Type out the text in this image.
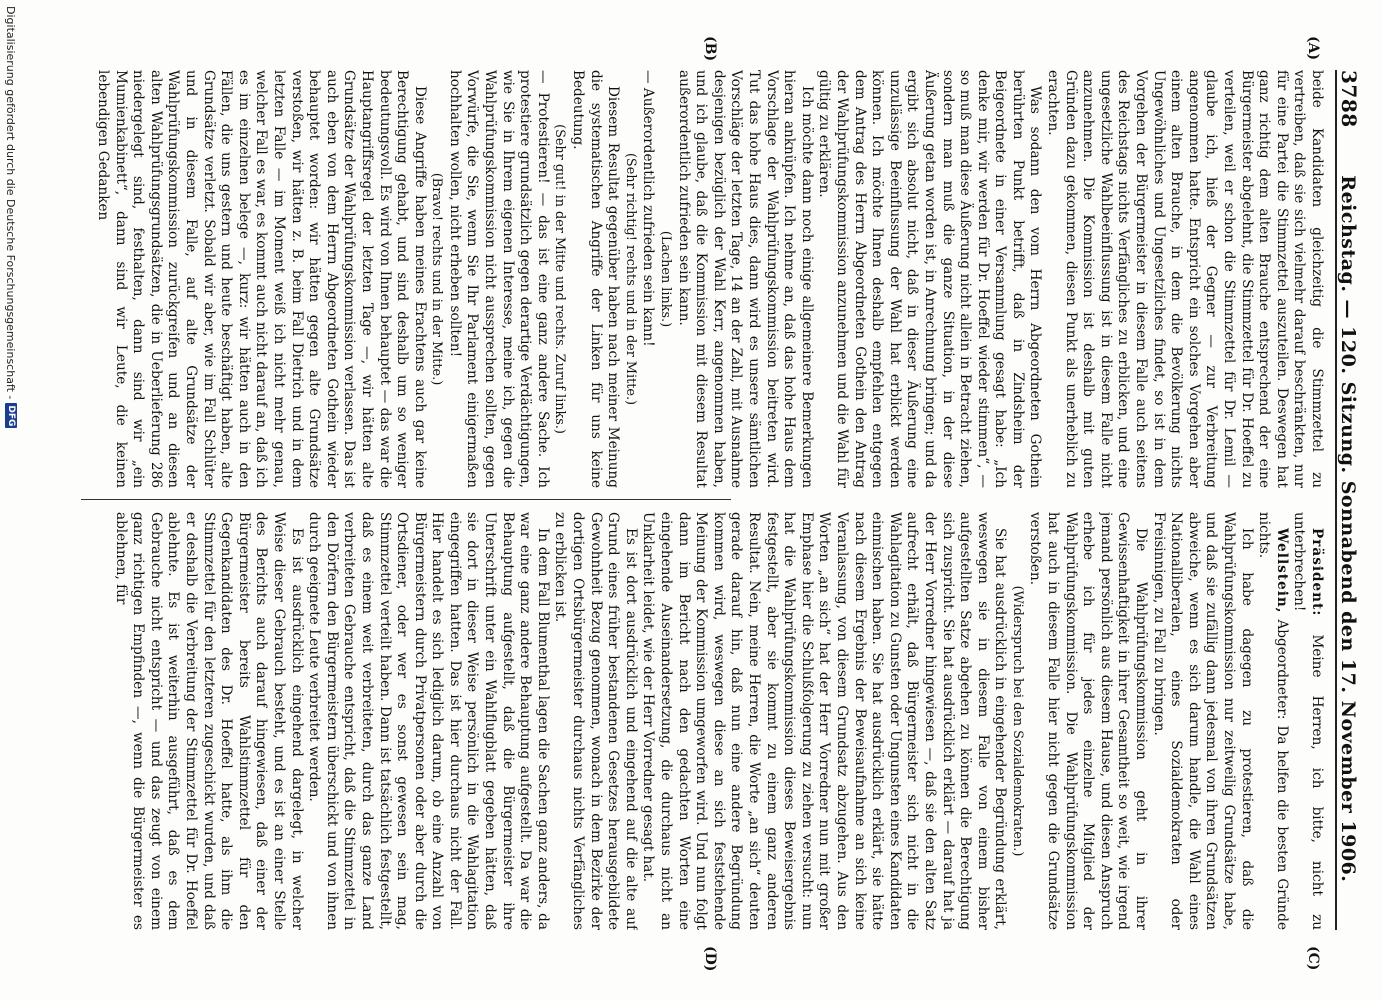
3788
Reichstag. — 120. Sitzung. Sonnabend den 17. November 1906.
(A)
(B)
(C)
(D)

beide Kandidaten gleichzeitig die Stimmzettel zu vertreiben, daß sie sich vielmehr darauf beschränkten, nur für eine Partei die Stimmzettel auszuteilen. Deswegen hat ganz richtig dem alten Brauche entsprechend der eine Bürgermeister abgelehnt, die Stimmzettel für Dr. Hoeffel zu verteilen, weil er schon die Stimmzettel für Dr. Lemil — glaube ich, hieß der Gegner — zur Verbreitung angenommen hatte. Entspricht ein solches Vorgehen aber einem alten Brauche, in dem die Bevölkerung nichts Ungewöhnliches und Ungesetzliches findet, so ist in dem Vorgehen der Bürgermeister in diesem Falle auch seitens des Reichstags nichts Verfängliches zu erblicken, und eine ungesetzliche Wahlbeeinflussung ist in diesem Falle nicht anzunehmen. Die Kommission ist deshalb mit guten Gründen dazu gekommen, diesen Punkt als unerheblich zu erachten.

Was sodann den vom Herrn Abgeordneten Gothein berührten Punkt betrifft, daß in Zindsheim der Beigeordnete in einer Versammlung gesagt habe: „Ich denke mir, wir werden für Dr. Hoeffel wieder stimmen“, — so muß man diese Äußerung nicht allein in Betracht ziehen, sondern man muß die ganze Situation, in der diese Äußerung getan worden ist, in Anrechnung bringen; und da ergibt sich absolut nicht, daß in dieser Äußerung eine unzulässige Beeinflussung der Wahl hat erblickt werden können. Ich möchte Ihnen deshalb empfehlen entgegen dem Antrag des Herrn Abgeordneten Gothein den Antrag der Wahlprüfungskommission anzunehmen und die Wahl für gültig zu erklären.

Ich möchte dann noch einige allgemeinere Bemerkungen hieran anknüpfen. Ich nehme an, daß das hohe Haus dem Vorschlage der Wahlprüfungskommission beitreten wird. Tut das hohe Haus dies, dann wird es unsere sämtlichen Vorschläge der letzten Tage, 14 an der Zahl, mit Ausnahme desjenigen bezüglich der Wahl Kerr, angenommen haben, und ich glaube, daß die Kommission mit diesem Resultat außerordentlich zufrieden sein kann.

(Lachen links.)

— Außerordentlich zufrieden sein kann!

(Sehr richtig! rechts und in der Mitte.)

Diesem Resultat gegenüber haben nach meiner Meinung die systematischen Angriffe der Linken für uns keine Bedeutung.

(Sehr gut! in der Mitte und rechts. Zuruf links.)

— Protestieren! — das ist eine ganz andere Sache. Ich protestiere grundsätzlich gegen derartige Verdächtigungen, wie Sie in Ihrem eigenen Interesse, meine ich, gegen die Wahlprüfungskommission nicht aussprechen sollten, gegen Vorwürfe, die Sie, wenn Sie Ihr Parlament einigermaßen hochhalten wollen, nicht erheben sollten!

(Bravo! rechts und in der Mitte.)

Diese Angriffe haben meines Erachtens auch gar keine Berechtigung gehabt, und sind deshalb um so weniger bedeutungsvoll. Es wird von Ihnen behauptet — das war die Hauptangriffsregel der letzten Tage —, wir hätten alte Grundsätze der Wahlprüfungskommission verlassen. Das ist auch eben von dem Herrn Abgeordneten Gothein wieder behauptet worden: wir hätten gegen alte Grundsätze verstoßen, wir hätten z. B. beim Fall Dietrich und in dem letzten Falle — im Moment weiß ich nicht mehr genau, welcher Fall es war, es kommt auch nicht darauf an, daß ich es im einzelnen belege —, kurz: wir hätten auch in den Fällen, die uns gestern und heute beschäftigt haben, alte Grundsätze verletzt. Sobald wir aber, wie im Fall Schlüter und in diesem Falle, auf alte Grundsätze der Wahlprüfungskommission zurückgreifen und an diesen alten Wahlprüfungsgrundsätzen, die in Ueberlieferung 286 niedergelegt sind, festhalten, dann sind wir „ein Mumienkabinett“, dann sind wir Leute, die keinen lebendigen Gedanken

Präsident: Meine Herren, ich bitte, nicht zu unterbrechen!

Wellstein, Abgeordneter: Da helfen die besten Gründe nichts.

Ich habe dagegen zu protestieren, daß die Wahlprüfungskommission nur zeitweilig Grundsätze habe, und daß sie zufällig dann jedesmal von ihren Grundsätzen abweiche, wenn es sich darum handle, die Wahl eines Nationalliberalen, eines Sozialdemokraten oder Freisinnigen, zu Fall zu bringen.

Die Wahlprüfungskommission geht in ihrer Gewissenhaftigkeit in ihrer Gesamtheit so weit, wie irgend jemand persönlich aus diesem Hause, und diesen Anspruch erhebe ich für jedes einzelne Mitglied der Wahlprüfungskommission. Die Wahlprüfungskommission hat auch in diesem Falle hier nicht gegen die Grundsätze verstoßen.

(Widerspruch bei den Sozialdemokraten.)

Sie hat ausdrücklich in eingehender Begründung erklärt, weswegen sie in diesem Falle von einem bisher aufgestellten Satze abgehen zu können die Berechtigung sich zuspricht. Sie hat ausdrücklich erklärt — darauf hat ja der Herr Vorredner hingewiesen —, daß sie den alten Satz aufrecht erhält, daß Bürgermeister sich nicht in die Wahlagitation zu Gunsten oder Ungunsten eines Kandidaten einmischen haben. Sie hat ausdrücklich erklärt, sie hätte nach diesem Ergebnis der Beweisaufnahme an sich keine Veranlassung, von diesem Grundsatz abzugehen. Aus den Worten „an sich“ hat der Herr Vorredner nun mit großer Emphase hier die Schlußfolgerung zu ziehen versucht: nun hat die Wahlprüfungskommission dieses Beweisergebnis festgestellt, aber sie kommt zu einem ganz anderen Resultat. Nein, meine Herren, die Worte „an sich“ deuten gerade darauf hin, daß nun eine andere Begründung kommen wird, weswegen diese an sich feststehende Meinung der Kommission umgeworfen wird. Und nun folgt dann im Bericht nach den gedachten Worten eine eingehende Auseinandersetzung, die durchaus nicht an Unklarheit leidet, wie der Herr Vorredner gesagt hat.

Es ist dort ausdrücklich und eingehend auf die alte auf Grund eines früher bestandenen Gesetzes herausgebildete Gewohnheit Bezug genommen, wonach in dem Bezirke der dortigen Ortsbürgermeister durchaus nichts Verfängliches zu erblicken ist.

In dem Fall Blumenthal lagen die Sachen ganz anders, da war eine ganz andere Behauptung aufgestellt. Da war die Behauptung aufgestellt, daß die Bürgermeister ihre Unterschrift unter ein Wahlflugblatt gegeben hätten, daß sie dort in dieser Weise persönlich in die Wahlagitation eingegriffen hatten. Das ist hier durchaus nicht der Fall. Hier handelt es sich lediglich darum, ob eine Anzahl von Bürgermeistern durch Privatpersonen oder aber durch die Ortsdiener, oder wer es sonst gewesen sein mag, Stimmzettel verteilt haben. Dann ist tatsächlich festgestellt, daß es einem weit verbreiteten, durch das ganze Land verbreiteten Gebrauche entspricht, daß die Stimmzettel in den Dörfern den Bürgermeistern überschickt und von ihnen durch geeignete Leute verbreitet werden.

Es ist ausdrücklich eingehend dargelegt, in welcher Weise dieser Gebrauch besteht, und es ist an einer Stelle des Berichts auch darauf hingewiesen, daß einer der Bürgermeister bereits Wahlstimmzettel für den Gegenkandidaten des Dr. Hoeffel hatte, als ihm die Stimmzettel für den letzteren zugeschickt wurden, und daß er deshalb die Verbreitung der Stimmzettel für Dr. Hoeffel ablehnte. Es ist weiterhin ausgeführt, daß es dem Gebrauche nicht entspricht — und das zeugt von einem ganz richtigen Empfinden —, wenn die Bürgermeister es ablehnen, für

Digitalisierung gefördert durch die Deutsche Forschungsgemeinschaft -
DFG
